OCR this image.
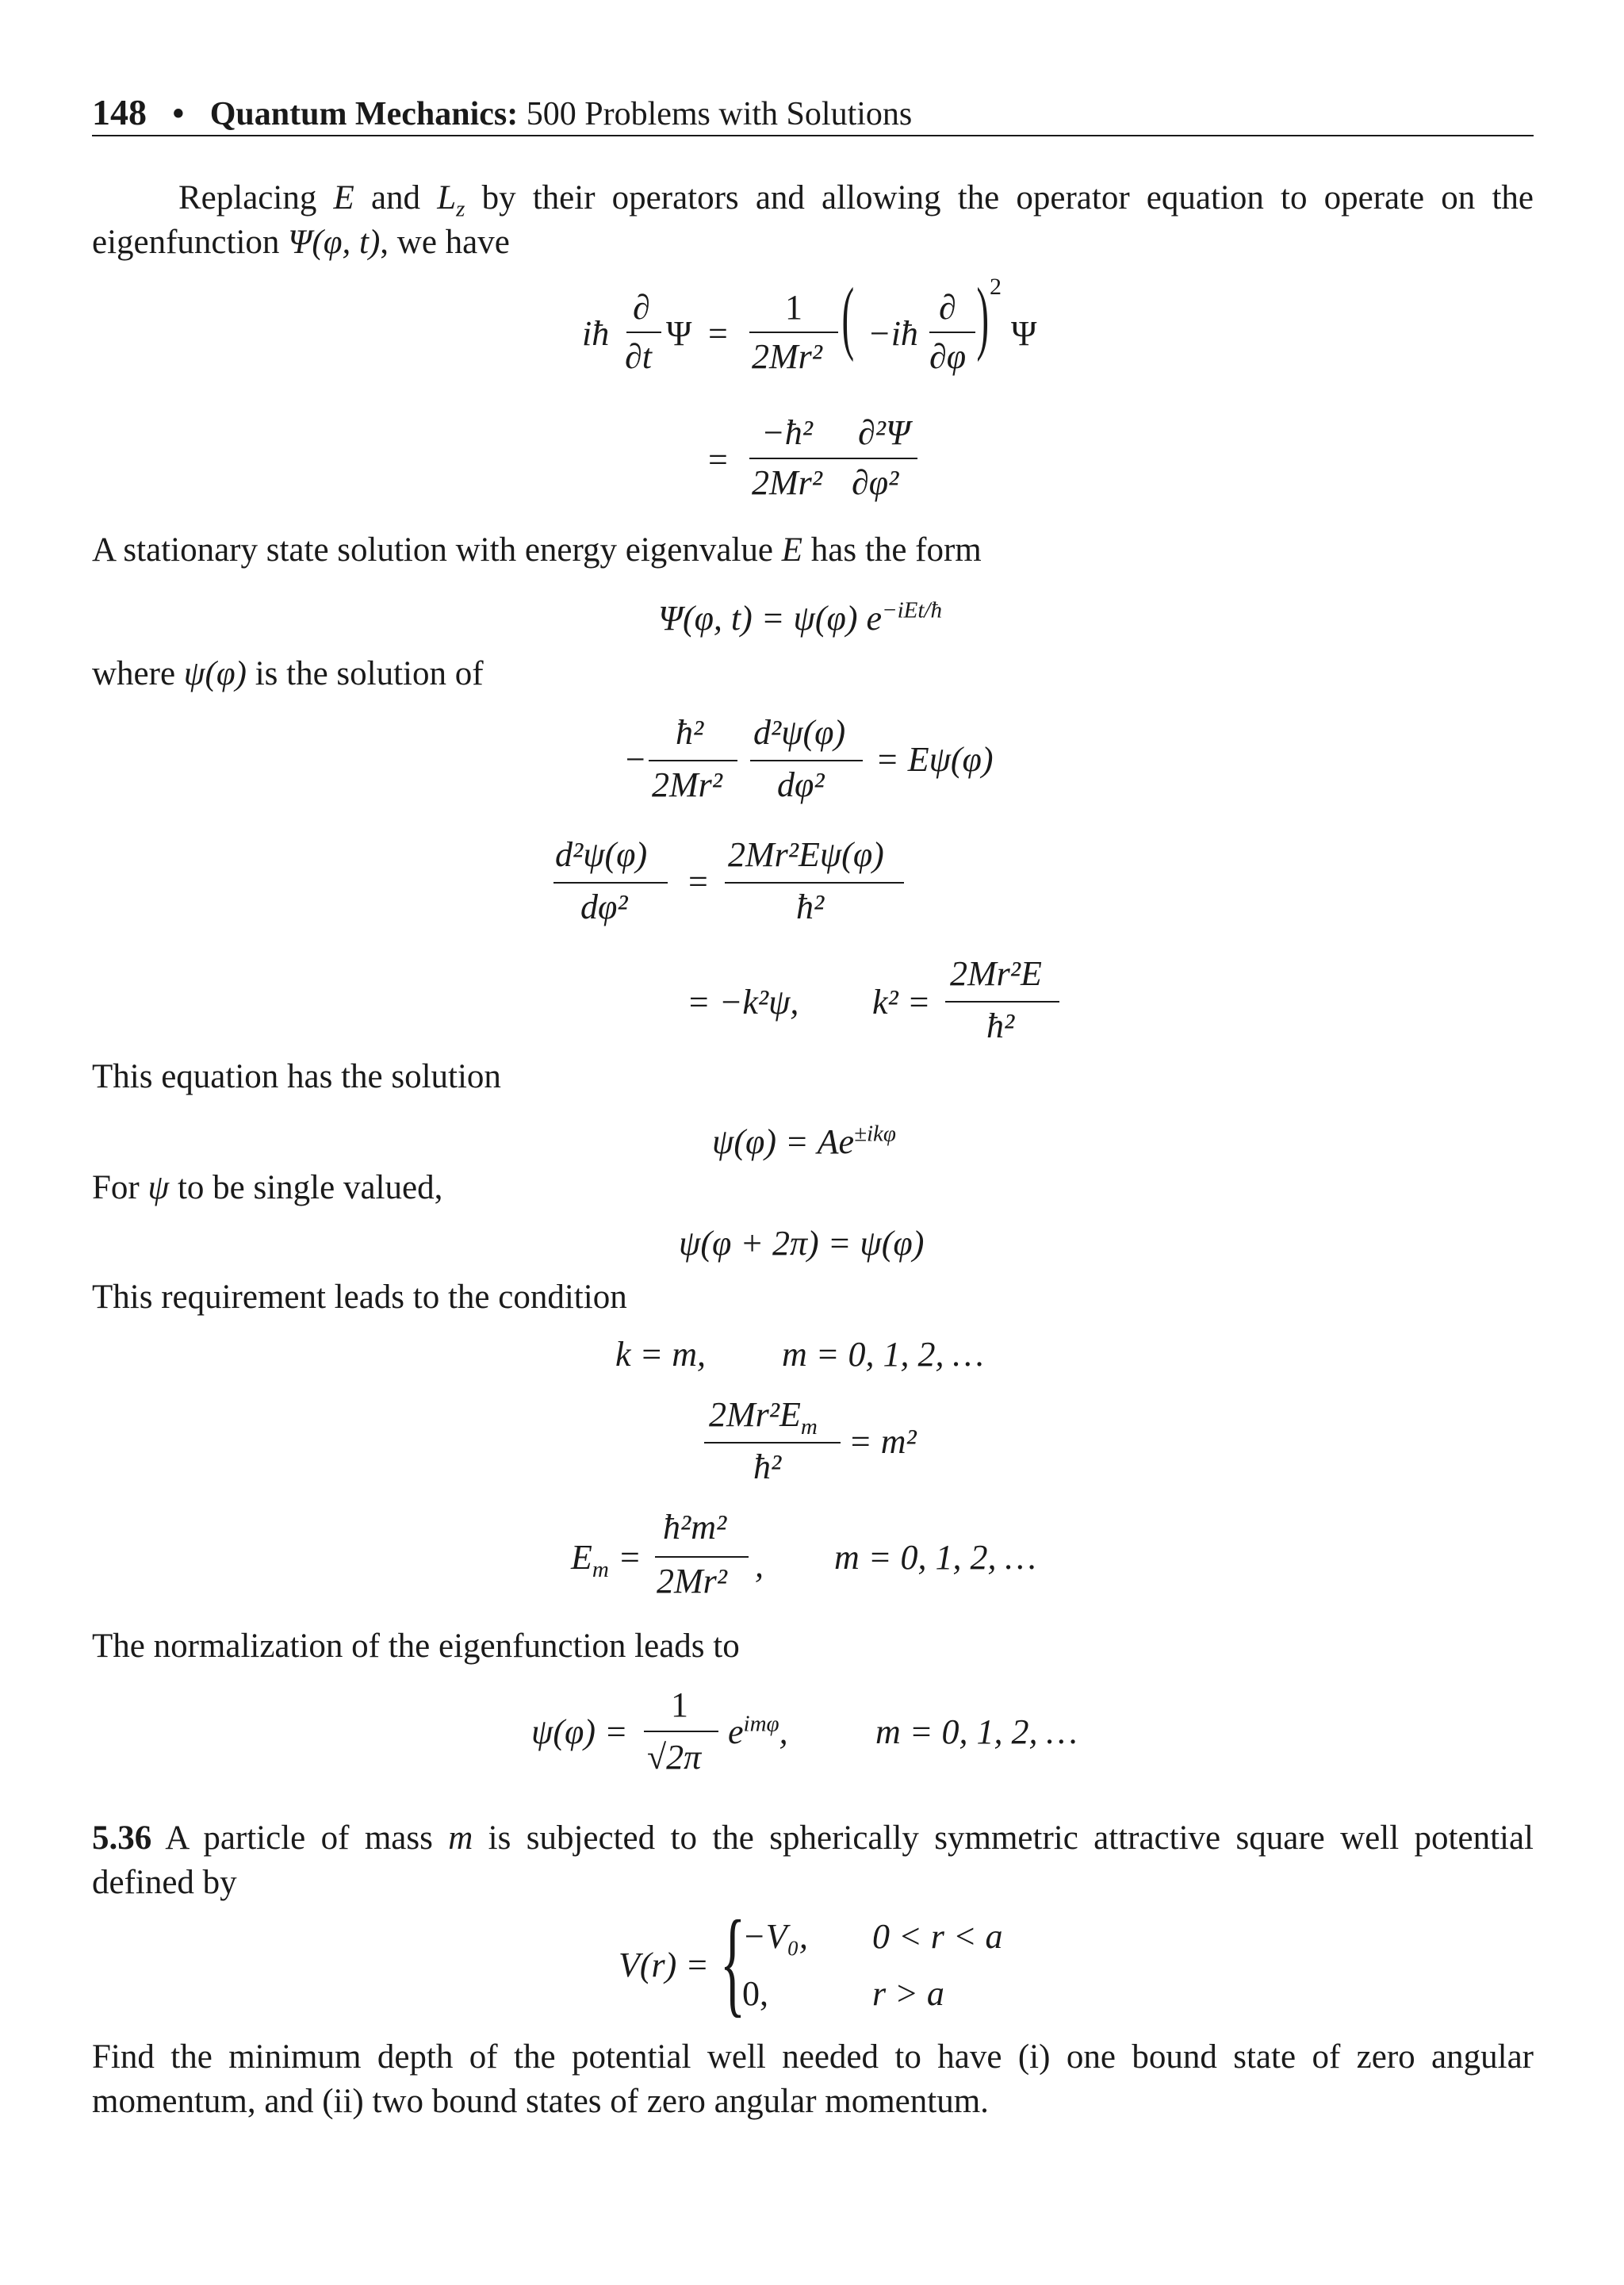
148 • Quantum Mechanics: 500 Problems with Solutions
Replacing E and $L_z$ by their operators and allowing the operator equation to operate on the eigenfunction Ψ(φ, t), we have
iħ
∂
∂t
Ψ =
1
2Mr² ( −iħ
∂
∂φ ) 2
Ψ
=
−ħ² ∂²Ψ
2Mr² ∂φ²
A stationary state solution with energy eigenvalue E has the form
Ψ(φ, t) = ψ(φ) $e^{-iEt/ħ}$
where ψ(φ) is the solution of
−
ħ²
2Mr²
d²ψ(φ)
dφ²
= Eψ(φ)
d²ψ(φ)
dφ²
=
2Mr²Eψ(φ)
ħ²
= −k²ψ, k² =
2Mr²E
ħ²
This equation has the solution
$\psi(\varphi) = Ae^{\pm ik\varphi}$
For ψ to be single valued,
ψ(φ + 2π) = ψ(φ)
This requirement leads to the condition
k = m, m = 0, 1, 2, …
$2Mr^2E_m$
ħ²
= m²
$E_m$ =
ħ²m²
2Mr² , m = 0, 1, 2, …
The normalization of the eigenfunction leads to
ψ(φ) =
1
√2π
$e^{im\varphi}$,	m = 0, 1, 2, …
5.36 A particle of mass m is subjected to the spherically symmetric attractive square well potential defined by
V(r) = {
−V₀, 0 < r < a
0,	r > a
Find the minimum depth of the potential well needed to have (i) one bound state of zero angular momentum, and (ii) two bound states of zero angular momentum.
